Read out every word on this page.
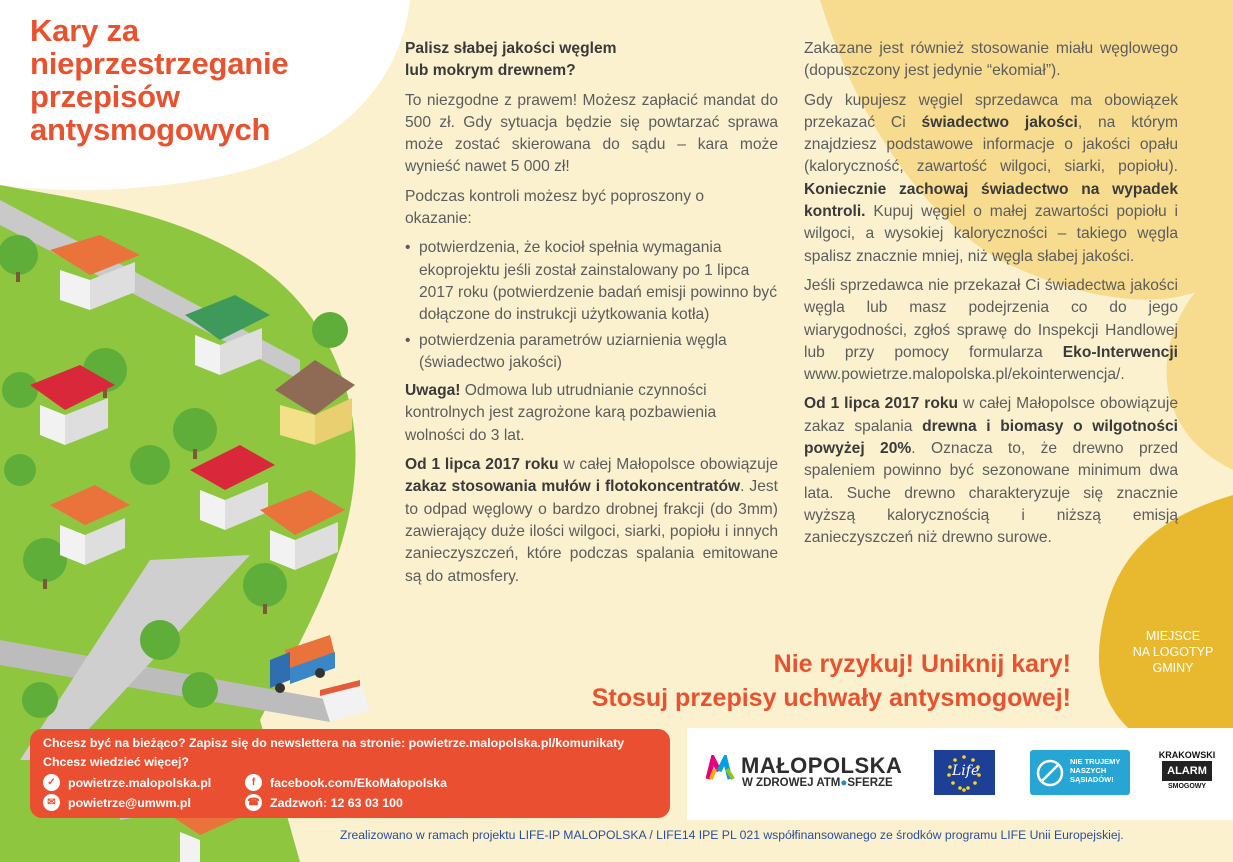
Kary za
nieprzestrzeganie
przepisów
antysmogowych

Palisz słabej jakości węglem
lub mokrym drewnem?

To niezgodne z prawem! Możesz zapłacić mandat do 500 zł. Gdy sytuacja będzie się powtarzać sprawa może zostać skierowana do sądu – kara może wynieść nawet 5 000 zł!

Podczas kontroli możesz być poproszony o okazanie:

• potwierdzenia, że kocioł spełnia wymagania ekoprojektu jeśli został zainstalowany po 1 lipca 2017 roku (potwierdzenie badań emisji powinno być dołączone do instrukcji użytkowania kotła)
• potwierdzenia parametrów uziarnienia węgla (świadectwo jakości)

Uwaga! Odmowa lub utrudnianie czynności kontrolnych jest zagrożone karą pozbawienia wolności do 3 lat.

Od 1 lipca 2017 roku w całej Małopolsce obowiązuje zakaz stosowania mułów i flotokoncentratów. Jest to odpad węglowy o bardzo drobnej frakcji (do 3mm) zawierający duże ilości wilgoci, siarki, popiołu i innych zanieczyszczeń, które podczas spalania emitowane są do atmosfery.

Zakazane jest również stosowanie miału węglowego (dopuszczony jest jedynie “ekomiał”).

Gdy kupujesz węgiel sprzedawca ma obowiązek przekazać Ci świadectwo jakości, na którym znajdziesz podstawowe informacje o jakości opału (kaloryczność, zawartość wilgoci, siarki, popiołu). Koniecznie zachowaj świadectwo na wypadek kontroli. Kupuj węgiel o małej zawartości popiołu i wilgoci, a wysokiej kaloryczności – takiego węgla spalisz znacznie mniej, niż węgla słabej jakości.

Jeśli sprzedawca nie przekazał Ci świadectwa jakości węgla lub masz podejrzenia co do jego wiarygodności, zgłoś sprawę do Inspekcji Handlowej lub przy pomocy formularza Eko-Interwencji www.powietrze.malopolska.pl/ekointerwencja/.

Od 1 lipca 2017 roku w całej Małopolsce obowiązuje zakaz spalania drewna i biomasy o wilgotności powyżej 20%. Oznacza to, że drewno przed spaleniem powinno być sezonowane minimum dwa lata. Suche drewno charakteryzuje się znacznie wyższą kalorycznością i niższą emisją zanieczyszczeń niż drewno surowe.

Nie ryzykuj! Uniknij kary!
Stosuj przepisy uchwały antysmogowej!
MIEJSCE
NA LOGOTYP
GMINY
Chcesz być na bieżąco? Zapisz się do newslettera na stronie: powietrze.malopolska.pl/komunikaty
Chcesz wiedzieć więcej?
✓ powietrze.malopolska.pl
✉ powietrze@umwm.pl
f	facebook.com/EkoMałopolska
☎ Zadzwoń: 12 63 03 100
MAŁOPOLSKA
W ZDROWEJ ATM●SFERZE
Life
NIE TRUJEMY
NASZYCH
SĄSIADÓW!
KRAKOWSKI
ALARM
SMOGOWY
Zrealizowano w ramach projektu LIFE-IP MALOPOLSKA / LIFE14 IPE PL 021 współfinansowanego ze środków programu LIFE Unii Europejskiej.
